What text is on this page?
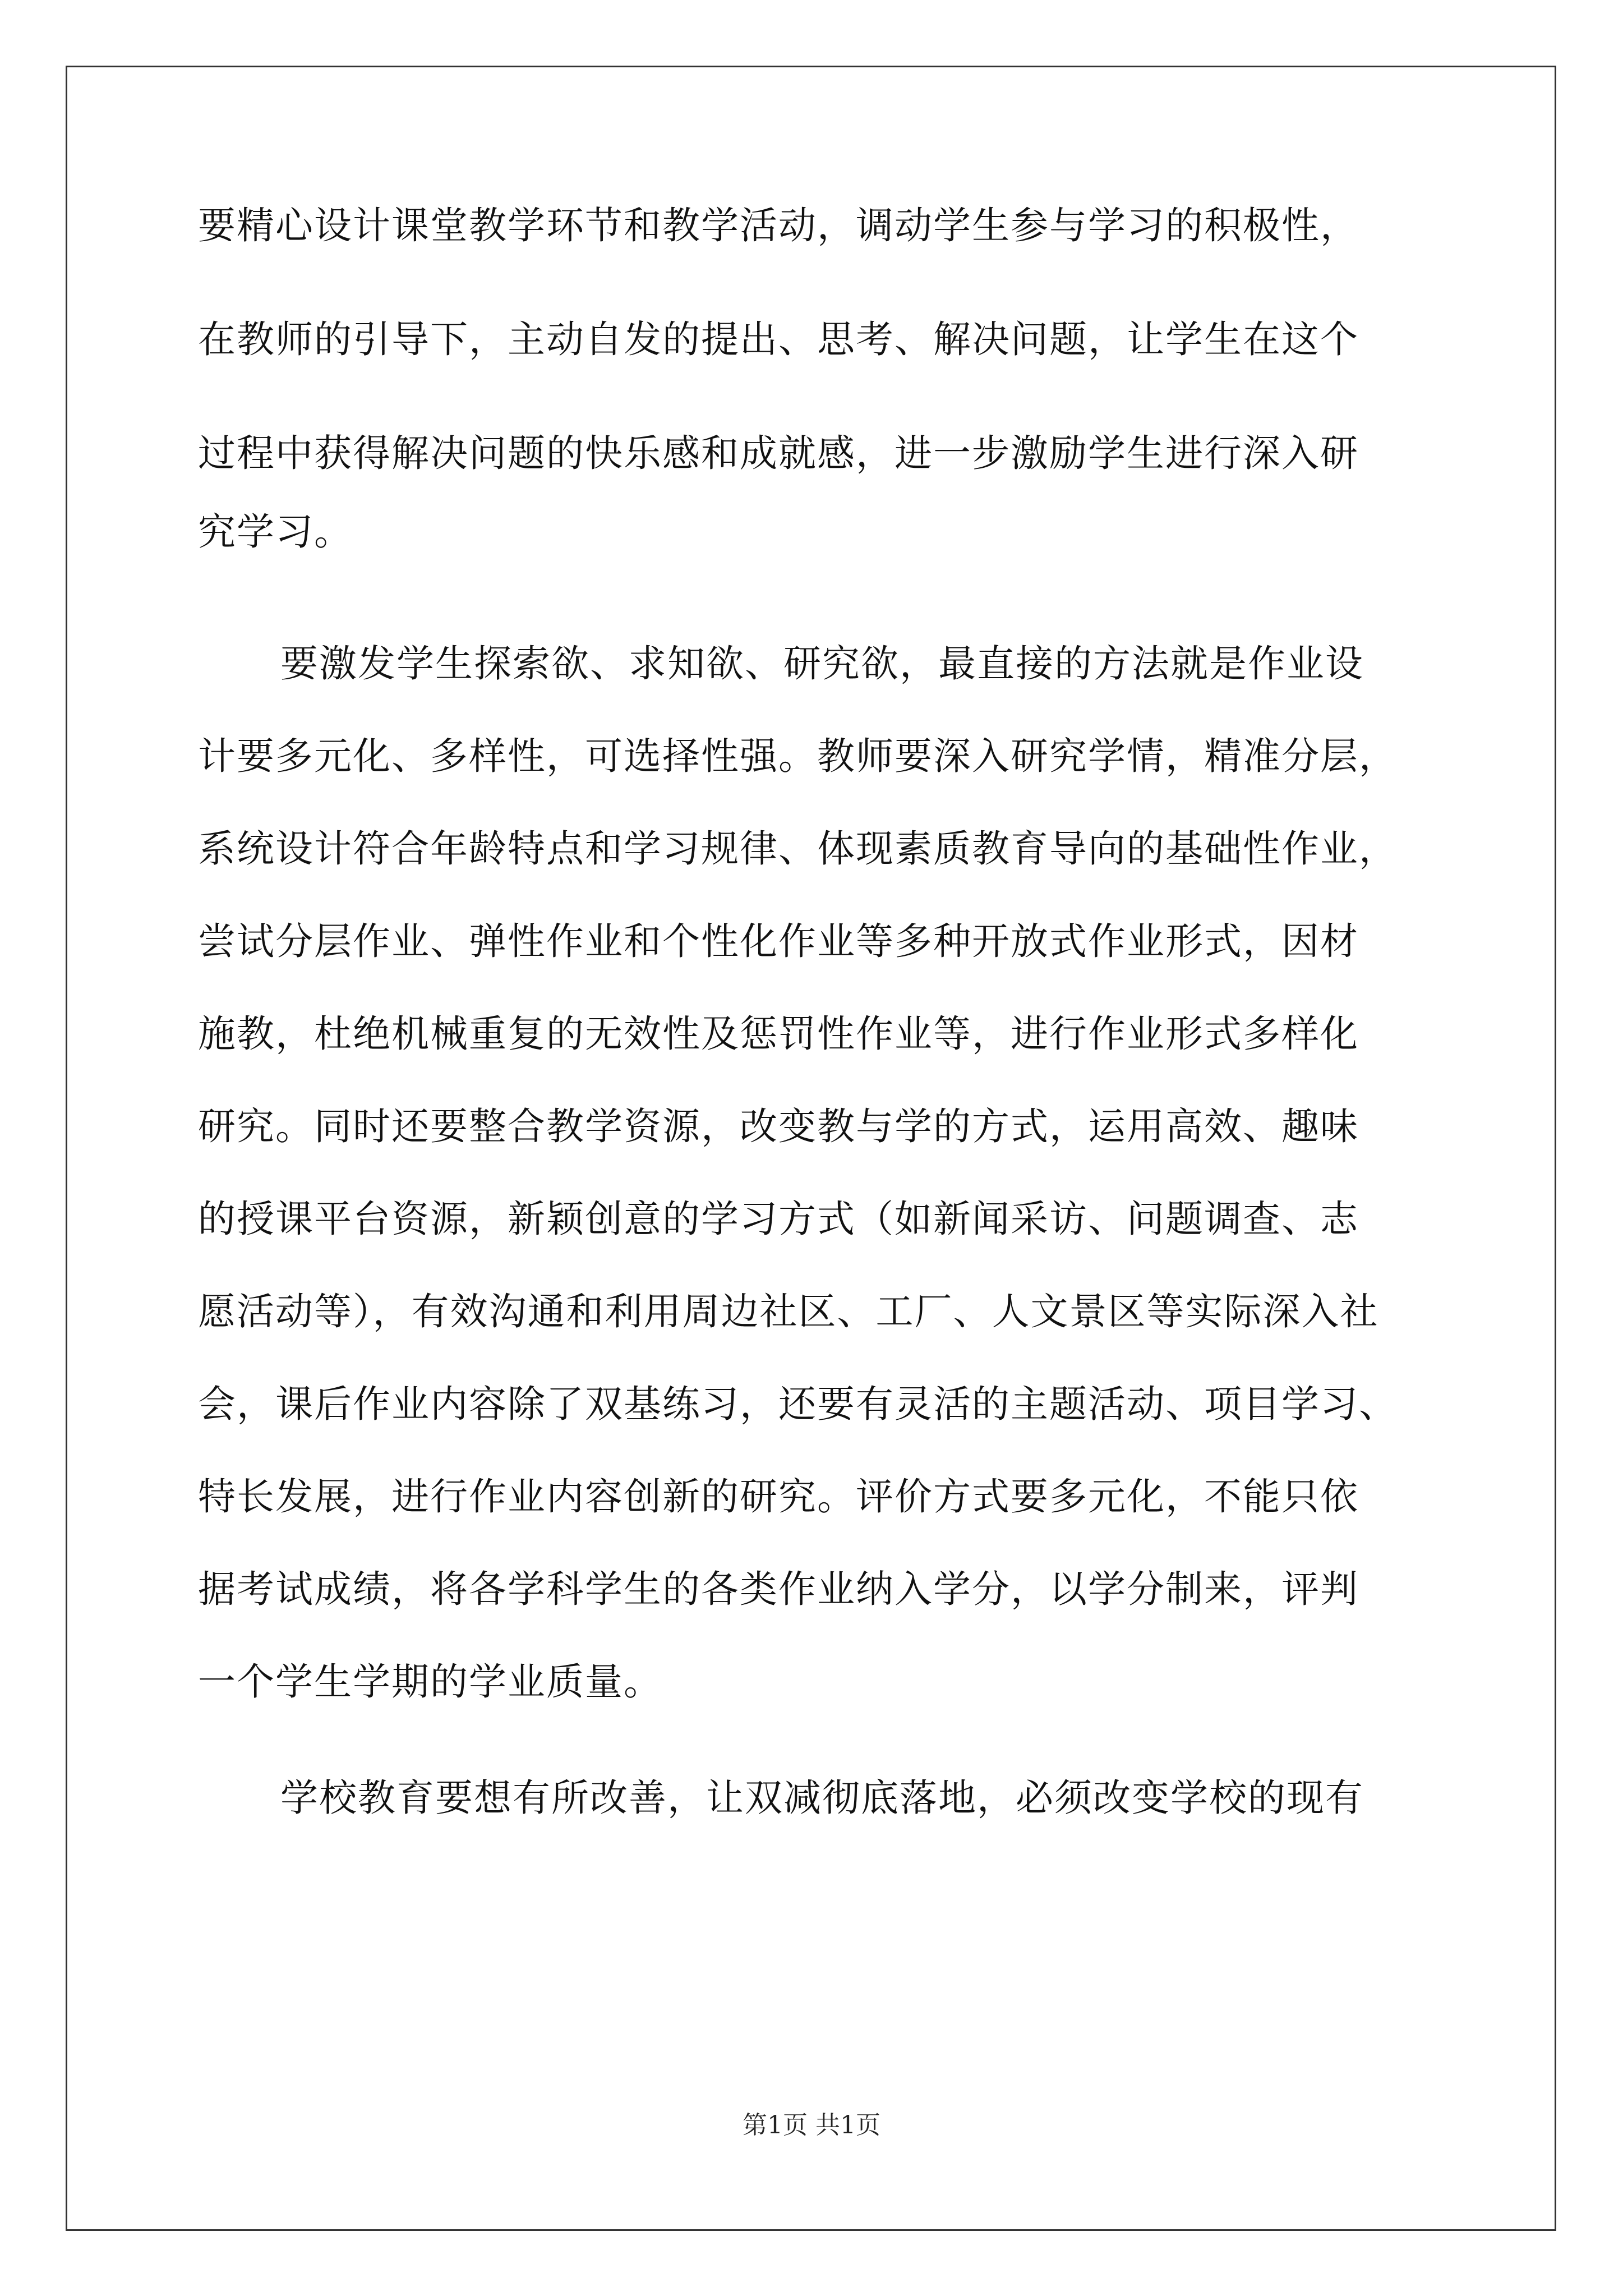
要精心设计课堂教学环节和教学活动，调动学生参与学习的积极性，
在教师的引导下，主动自发的提出、思考、解决问题，让学生在这个
过程中获得解决问题的快乐感和成就感，进一步激励学生进行深入研
究学习。
要激发学生探索欲、求知欲、研究欲，最直接的方法就是作业设
计要多元化、多样性，可选择性强。教师要深入研究学情，精准分层，
系统设计符合年龄特点和学习规律、体现素质教育导向的基础性作业，
尝试分层作业、弹性作业和个性化作业等多种开放式作业形式，因材
施教，杜绝机械重复的无效性及惩罚性作业等，进行作业形式多样化
研究。同时还要整合教学资源，改变教与学的方式，运用高效、趣味
的授课平台资源，新颖创意的学习方式（如新闻采访、问题调查、志
愿活动等），有效沟通和利用周边社区、工厂、人文景区等实际深入社
会，课后作业内容除了双基练习，还要有灵活的主题活动、项目学习、
特长发展，进行作业内容创新的研究。评价方式要多元化，不能只依
据考试成绩，将各学科学生的各类作业纳入学分，以学分制来，评判
一个学生学期的学业质量。
学校教育要想有所改善，让双减彻底落地，必须改变学校的现有
第1页 共1页
